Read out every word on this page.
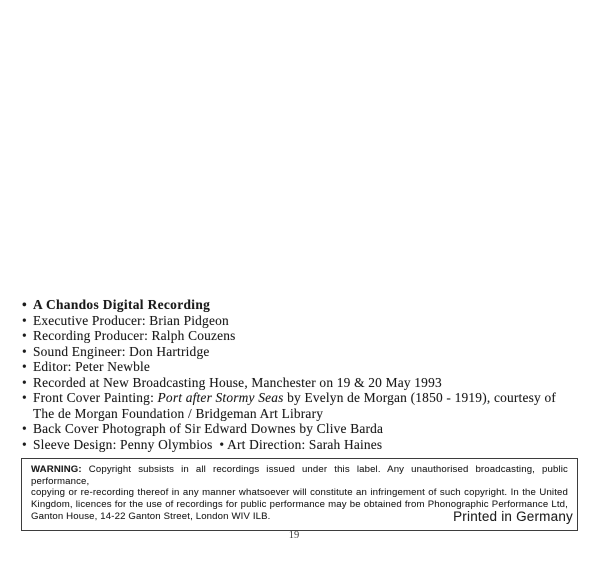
• A Chandos Digital Recording
• Executive Producer: Brian Pidgeon
• Recording Producer: Ralph Couzens
• Sound Engineer: Don Hartridge
• Editor: Peter Newble
• Recorded at New Broadcasting House, Manchester on 19 & 20 May 1993
• Front Cover Painting: Port after Stormy Seas by Evelyn de Morgan (1850 - 1919), courtesy of
The de Morgan Foundation / Bridgeman Art Library
• Back Cover Photograph of Sir Edward Downes by Clive Barda
• Sleeve Design: Penny Olymbios • Art Direction: Sarah Haines
WARNING: Copyright subsists in all recordings issued under this label. Any unauthorised broadcasting, public performance,
copying or re-recording thereof in any manner whatsoever will constitute an infringement of such copyright. In the United
Kingdom, licences for the use of recordings for public performance may be obtained from Phonographic Performance Ltd,
Ganton House, 14-22 Ganton Street, London WIV ILB.	Printed in Germany
19
